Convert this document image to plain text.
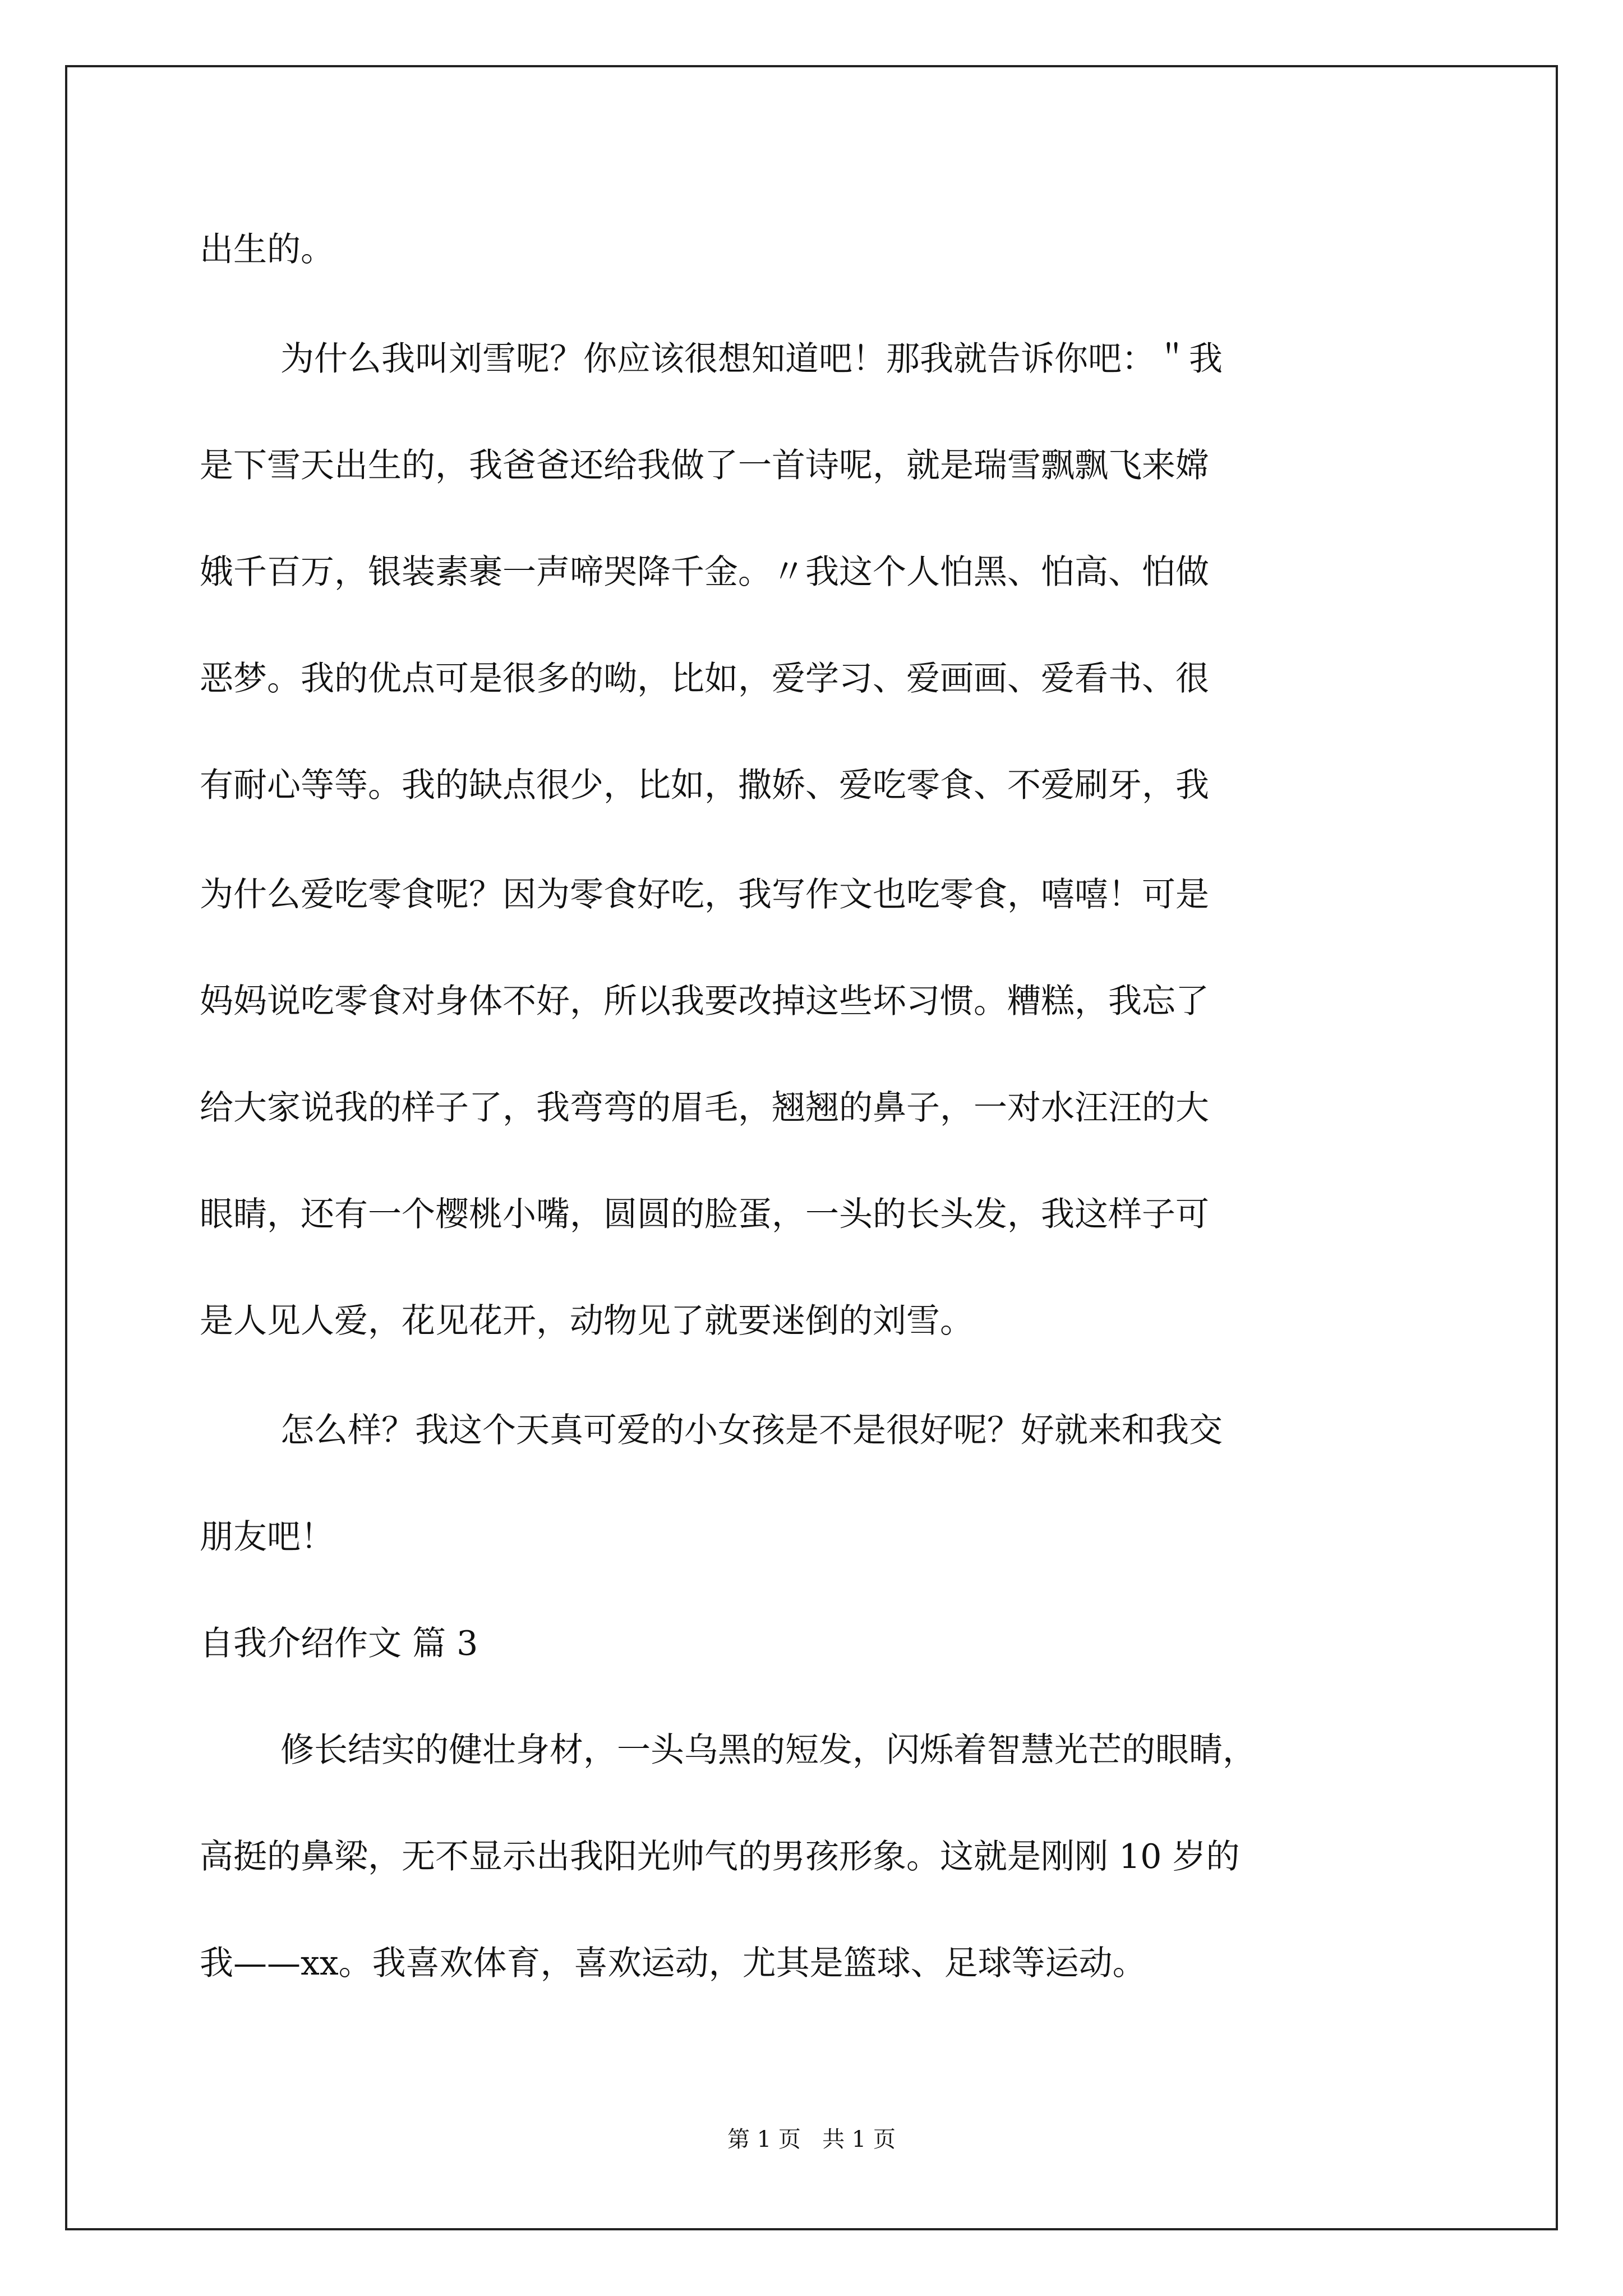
出生的。
为什么我叫刘雪呢？你应该很想知道吧！那我就告诉你吧：＂我
是下雪天出生的，我爸爸还给我做了一首诗呢，就是瑞雪飘飘飞来嫦
娥千百万，银装素裹一声啼哭降千金。〃我这个人怕黑、怕高、怕做
恶梦。我的优点可是很多的呦，比如，爱学习、爱画画、爱看书、很
有耐心等等。我的缺点很少，比如，撒娇、爱吃零食、不爱刷牙，我
为什么爱吃零食呢？因为零食好吃，我写作文也吃零食，嘻嘻！可是
妈妈说吃零食对身体不好，所以我要改掉这些坏习惯。糟糕，我忘了
给大家说我的样子了，我弯弯的眉毛，翘翘的鼻子，一对水汪汪的大
眼睛，还有一个樱桃小嘴，圆圆的脸蛋，一头的长头发，我这样子可
是人见人爱，花见花开，动物见了就要迷倒的刘雪。
怎么样？我这个天真可爱的小女孩是不是很好呢？好就来和我交
朋友吧！
自我介绍作文 篇 3
修长结实的健壮身材，一头乌黑的短发，闪烁着智慧光芒的眼睛，
高挺的鼻梁，无不显示出我阳光帅气的男孩形象。这就是刚刚 10 岁的
我——xx。我喜欢体育，喜欢运动，尤其是篮球、足球等运动。
第 1 页   共 1 页
